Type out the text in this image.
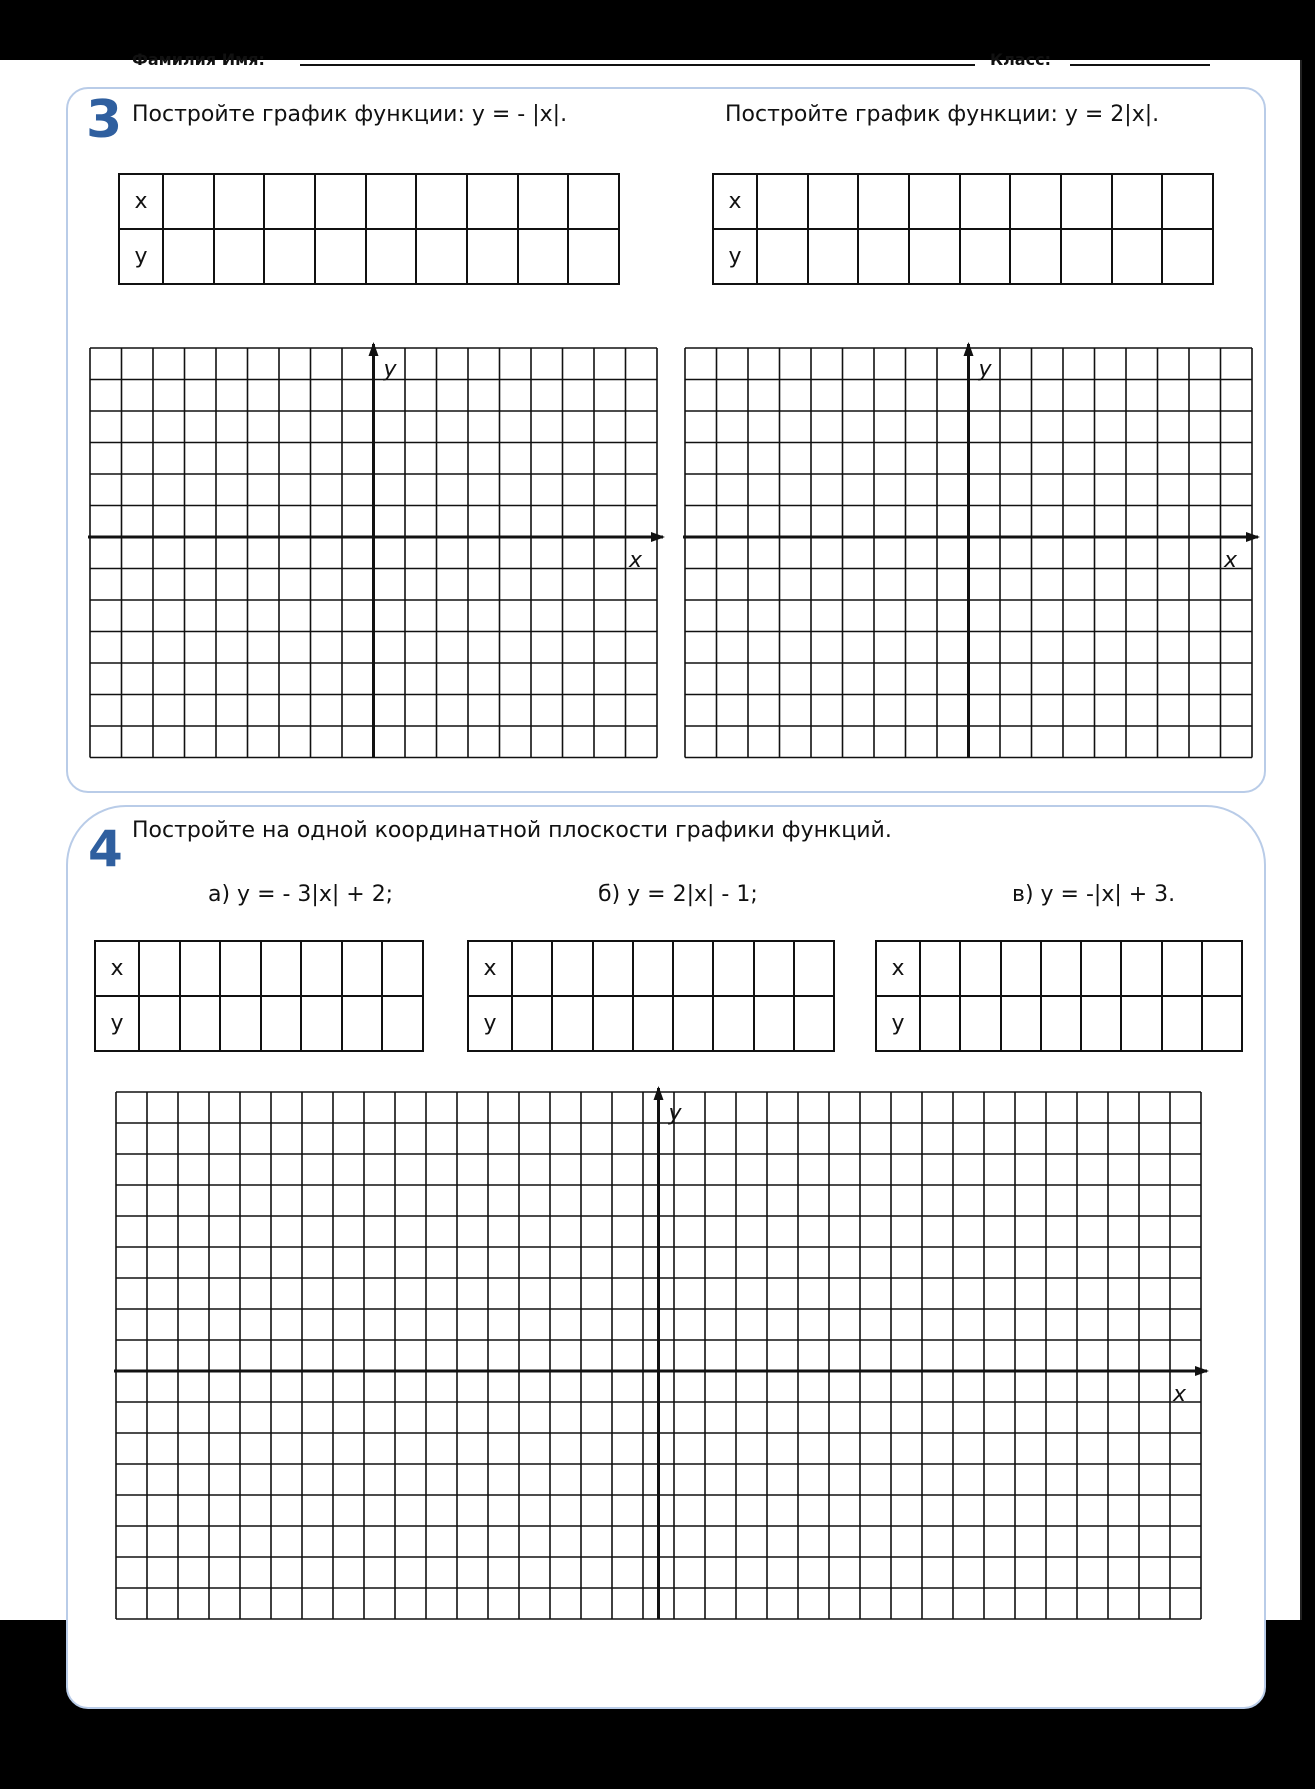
Фамилия Имя:	Класс:
3 Постройте график функции: у = - |х|.	Постройте график функции: у = 2|х|.
х									
у									
х									
у									
x
y
x
y
4 Постройте на одной координатной плоскости графики функций.
а) у = - 3|х| + 2;	б) у = 2|х| - 1;	в) у = -|х| + 3.
х							
у							
х								
у								
х								
у								
x
y
